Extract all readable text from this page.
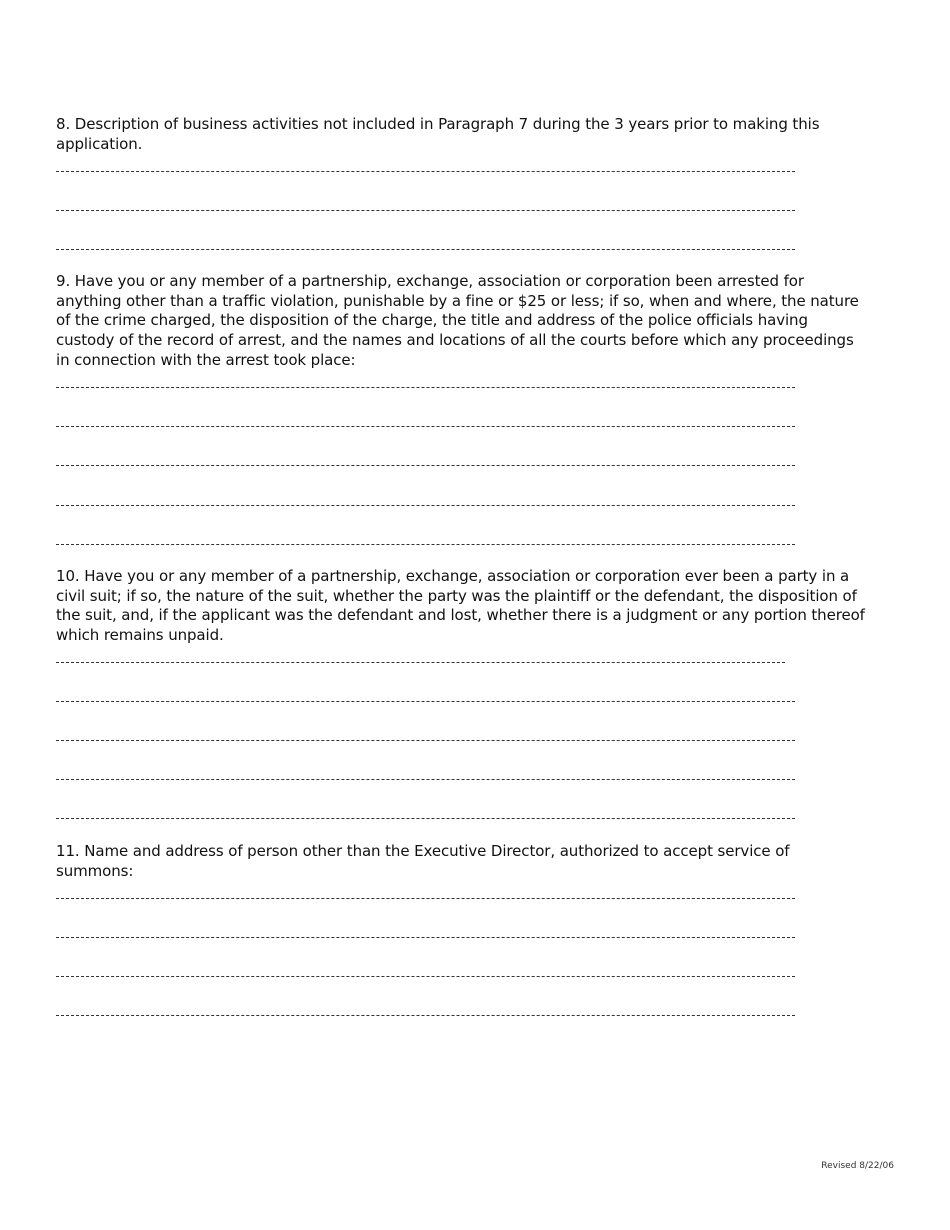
8. Description of business activities not included in Paragraph 7 during the 3 years prior to making this application.
9. Have you or any member of a partnership, exchange, association or corporation been arrested for anything other than a traffic violation, punishable by a fine or $25 or less; if so, when and where, the nature of the crime charged, the disposition of the charge, the title and address of the police officials having custody of the record of arrest, and the names and locations of all the courts before which any proceedings in connection with the arrest took place:
10. Have you or any member of a partnership, exchange, association or corporation ever been a party in a civil suit; if so, the nature of the suit, whether the party was the plaintiff or the defendant, the disposition of the suit, and, if the applicant was the defendant and lost, whether there is a judgment or any portion thereof which remains unpaid.
11. Name and address of person other than the Executive Director, authorized to accept service of summons:
Revised 8/22/06
